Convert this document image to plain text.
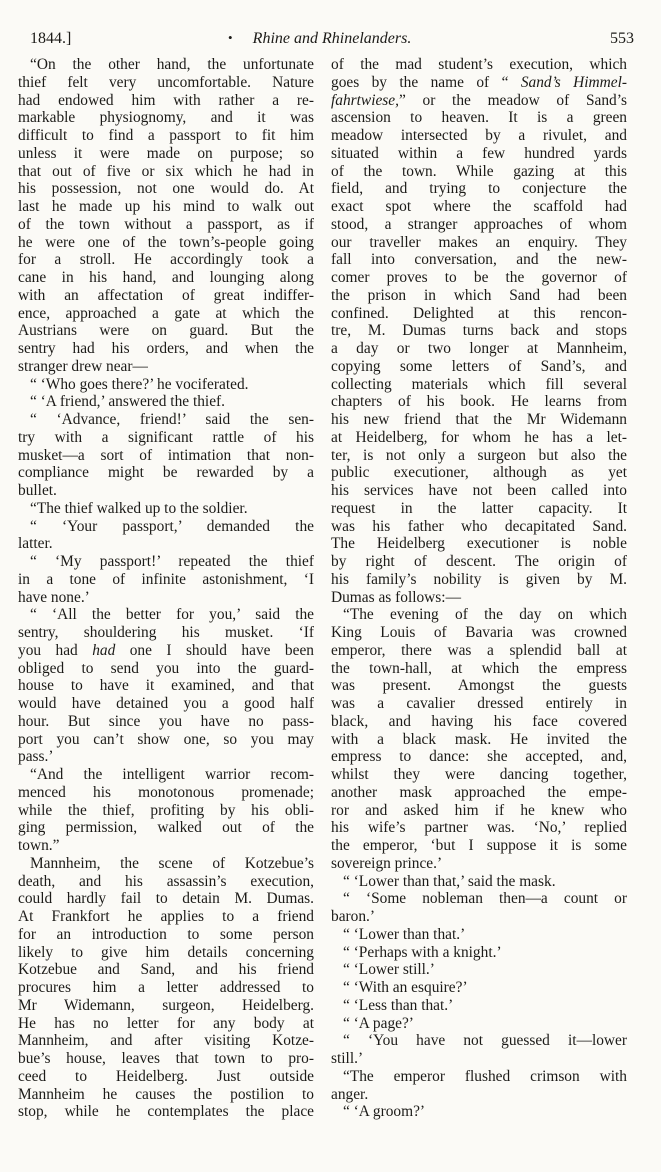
1844.]	•	Rhine and Rhinelanders.	553
“On the other hand, the unfortunate
thief felt very uncomfortable. Nature
had endowed him with rather a re-
markable physiognomy, and it was
difficult to find a passport to fit him
unless it were made on purpose; so
that out of five or six which he had in
his possession, not one would do. At
last he made up his mind to walk out
of the town without a passport, as if
he were one of the town’s-people going
for a stroll. He accordingly took a
cane in his hand, and lounging along
with an affectation of great indiffer-
ence, approached a gate at which the
Austrians were on guard. But the
sentry had his orders, and when the
stranger drew near—
“ ‘Who goes there?’ he vociferated.
“ ‘A friend,’ answered the thief.
“ ‘Advance, friend!’ said the sen-
try with a significant rattle of his
musket—a sort of intimation that non-
compliance might be rewarded by a
bullet.
“The thief walked up to the soldier.
“ ‘Your passport,’ demanded the
latter.
“ ‘My passport!’ repeated the thief
in a tone of infinite astonishment, ‘I
have none.’
“ ‘All the better for you,’ said the
sentry, shouldering his musket. ‘If
you had had one I should have been
obliged to send you into the guard-
house to have it examined, and that
would have detained you a good half
hour. But since you have no pass-
port you can’t show one, so you may
pass.’
“And the intelligent warrior recom-
menced his monotonous promenade;
while the thief, profiting by his obli-
ging permission, walked out of the
town.”
Mannheim, the scene of Kotzebue’s
death, and his assassin’s execution,
could hardly fail to detain M. Dumas.
At Frankfort he applies to a friend
for an introduction to some person
likely to give him details concerning
Kotzebue and Sand, and his friend
procures him a letter addressed to
Mr Widemann, surgeon, Heidelberg.
He has no letter for any body at
Mannheim, and after visiting Kotze-
bue’s house, leaves that town to pro-
ceed to Heidelberg. Just outside
Mannheim he causes the postilion to
stop, while he contemplates the place
of the mad student’s execution, which
goes by the name of “ Sand’s Himmel-
fahrtwiese,” or the meadow of Sand’s
ascension to heaven. It is a green
meadow intersected by a rivulet, and
situated within a few hundred yards
of the town. While gazing at this
field, and trying to conjecture the
exact spot where the scaffold had
stood, a stranger approaches of whom
our traveller makes an enquiry. They
fall into conversation, and the new-
comer proves to be the governor of
the prison in which Sand had been
confined. Delighted at this rencon-
tre, M. Dumas turns back and stops
a day or two longer at Mannheim,
copying some letters of Sand’s, and
collecting materials which fill several
chapters of his book. He learns from
his new friend that the Mr Widemann
at Heidelberg, for whom he has a let-
ter, is not only a surgeon but also the
public executioner, although as yet
his services have not been called into
request in the latter capacity. It
was his father who decapitated Sand.
The Heidelberg executioner is noble
by right of descent. The origin of
his family’s nobility is given by M.
Dumas as follows:—
“The evening of the day on which
King Louis of Bavaria was crowned
emperor, there was a splendid ball at
the town-hall, at which the empress
was present. Amongst the guests
was a cavalier dressed entirely in
black, and having his face covered
with a black mask. He invited the
empress to dance: she accepted, and,
whilst they were dancing together,
another mask approached the empe-
ror and asked him if he knew who
his wife’s partner was. ‘No,’ replied
the emperor, ‘but I suppose it is some
sovereign prince.’
“ ‘Lower than that,’ said the mask.
“ ‘Some nobleman then—a count or
baron.’
“ ‘Lower than that.’
“ ‘Perhaps with a knight.’
“ ‘Lower still.’
“ ‘With an esquire?’
“ ‘Less than that.’
“ ‘A page?’
“ ‘You have not guessed it—lower
still.’
“The emperor flushed crimson with
anger.
“ ‘A groom?’
